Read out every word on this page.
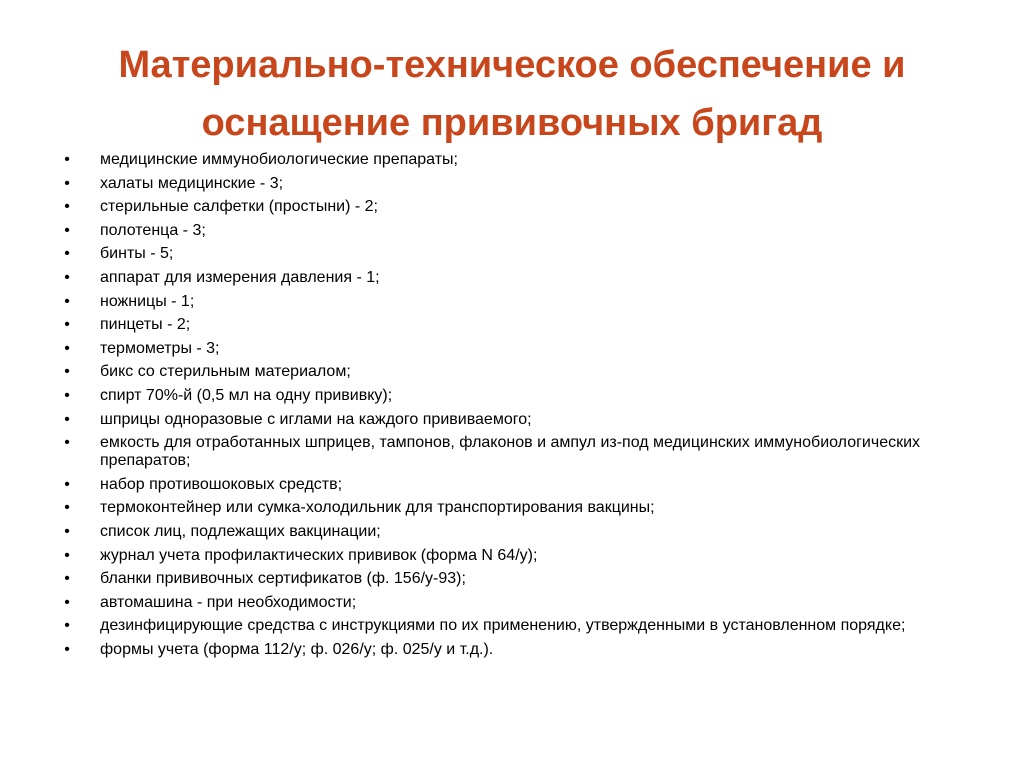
Материально-техническое обеспечение и
оснащение прививочных бригад
• медицинские иммунобиологические препараты;
• халаты медицинские - 3;
• стерильные салфетки (простыни) - 2;
• полотенца - 3;
• бинты - 5;
• аппарат для измерения давления - 1;
• ножницы - 1;
• пинцеты - 2;
• термометры - 3;
• бикс со стерильным материалом;
• спирт 70%-й (0,5 мл на одну прививку);
• шприцы одноразовые с иглами на каждого прививаемого;
• емкость для отработанных шприцев, тампонов, флаконов и ампул из-под медицинских иммунобиологических препаратов;
• набор противошоковых средств;
• термоконтейнер или сумка-холодильник для транспортирования вакцины;
• список лиц, подлежащих вакцинации;
• журнал учета профилактических прививок (форма N 64/у);
• бланки прививочных сертификатов (ф. 156/у-93);
• автомашина - при необходимости;
• дезинфицирующие средства с инструкциями по их применению, утвержденными в установленном порядке;
• формы учета (форма 112/у; ф. 026/у; ф. 025/у и т.д.).
